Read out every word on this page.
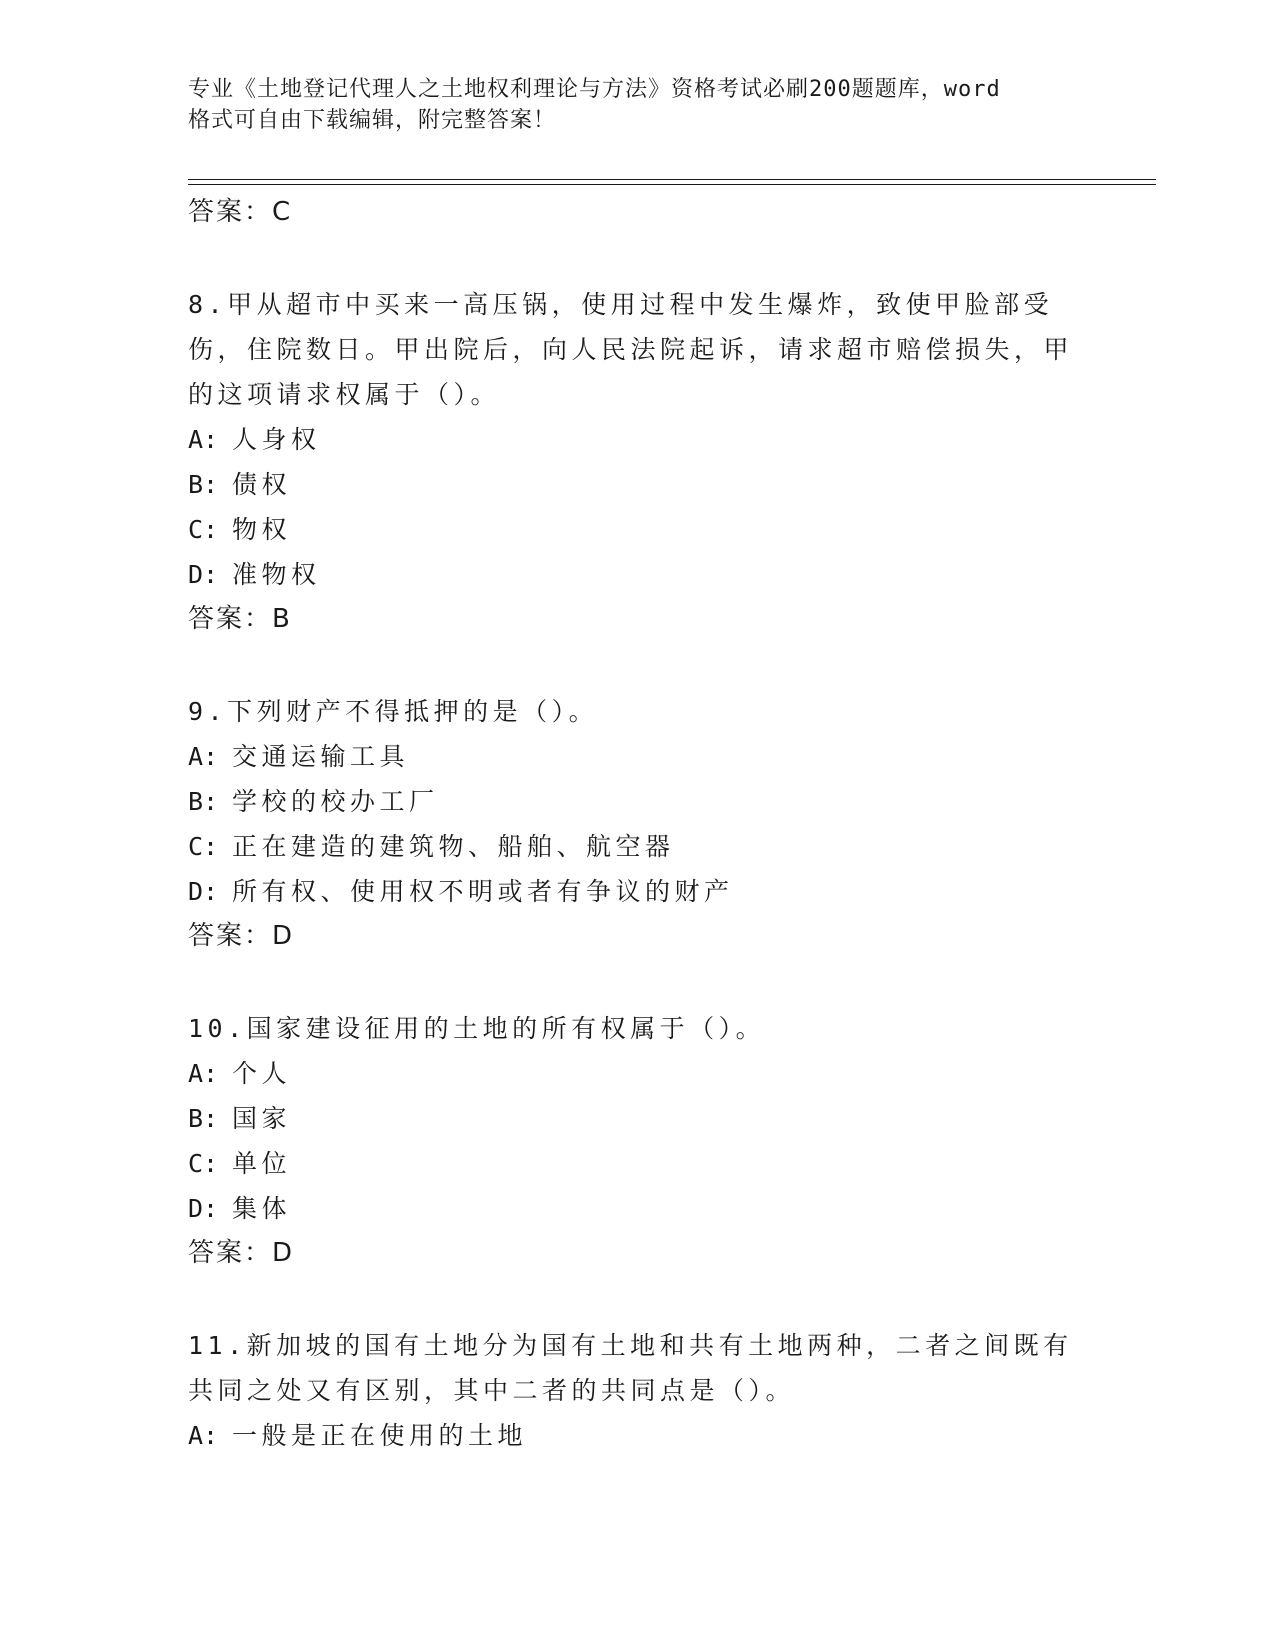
专业《土地登记代理人之土地权利理论与方法》资格考试必刷200题题库，word
格式可自由下载编辑，附完整答案！
答案：C
8.甲从超市中买来一高压锅，使用过程中发生爆炸，致使甲脸部受伤，住院数日。甲出院后，向人民法院起诉，请求超市赔偿损失，甲的这项请求权属于（）。
A: 人身权
B: 债权
C: 物权
D: 准物权
答案：B
9.下列财产不得抵押的是（）。
A: 交通运输工具
B: 学校的校办工厂
C: 正在建造的建筑物、船舶、航空器
D: 所有权、使用权不明或者有争议的财产
答案：D
10.国家建设征用的土地的所有权属于（）。
A: 个人
B: 国家
C: 单位
D: 集体
答案：D
11.新加坡的国有土地分为国有土地和共有土地两种，二者之间既有共同之处又有区别，其中二者的共同点是（）。
A: 一般是正在使用的土地
